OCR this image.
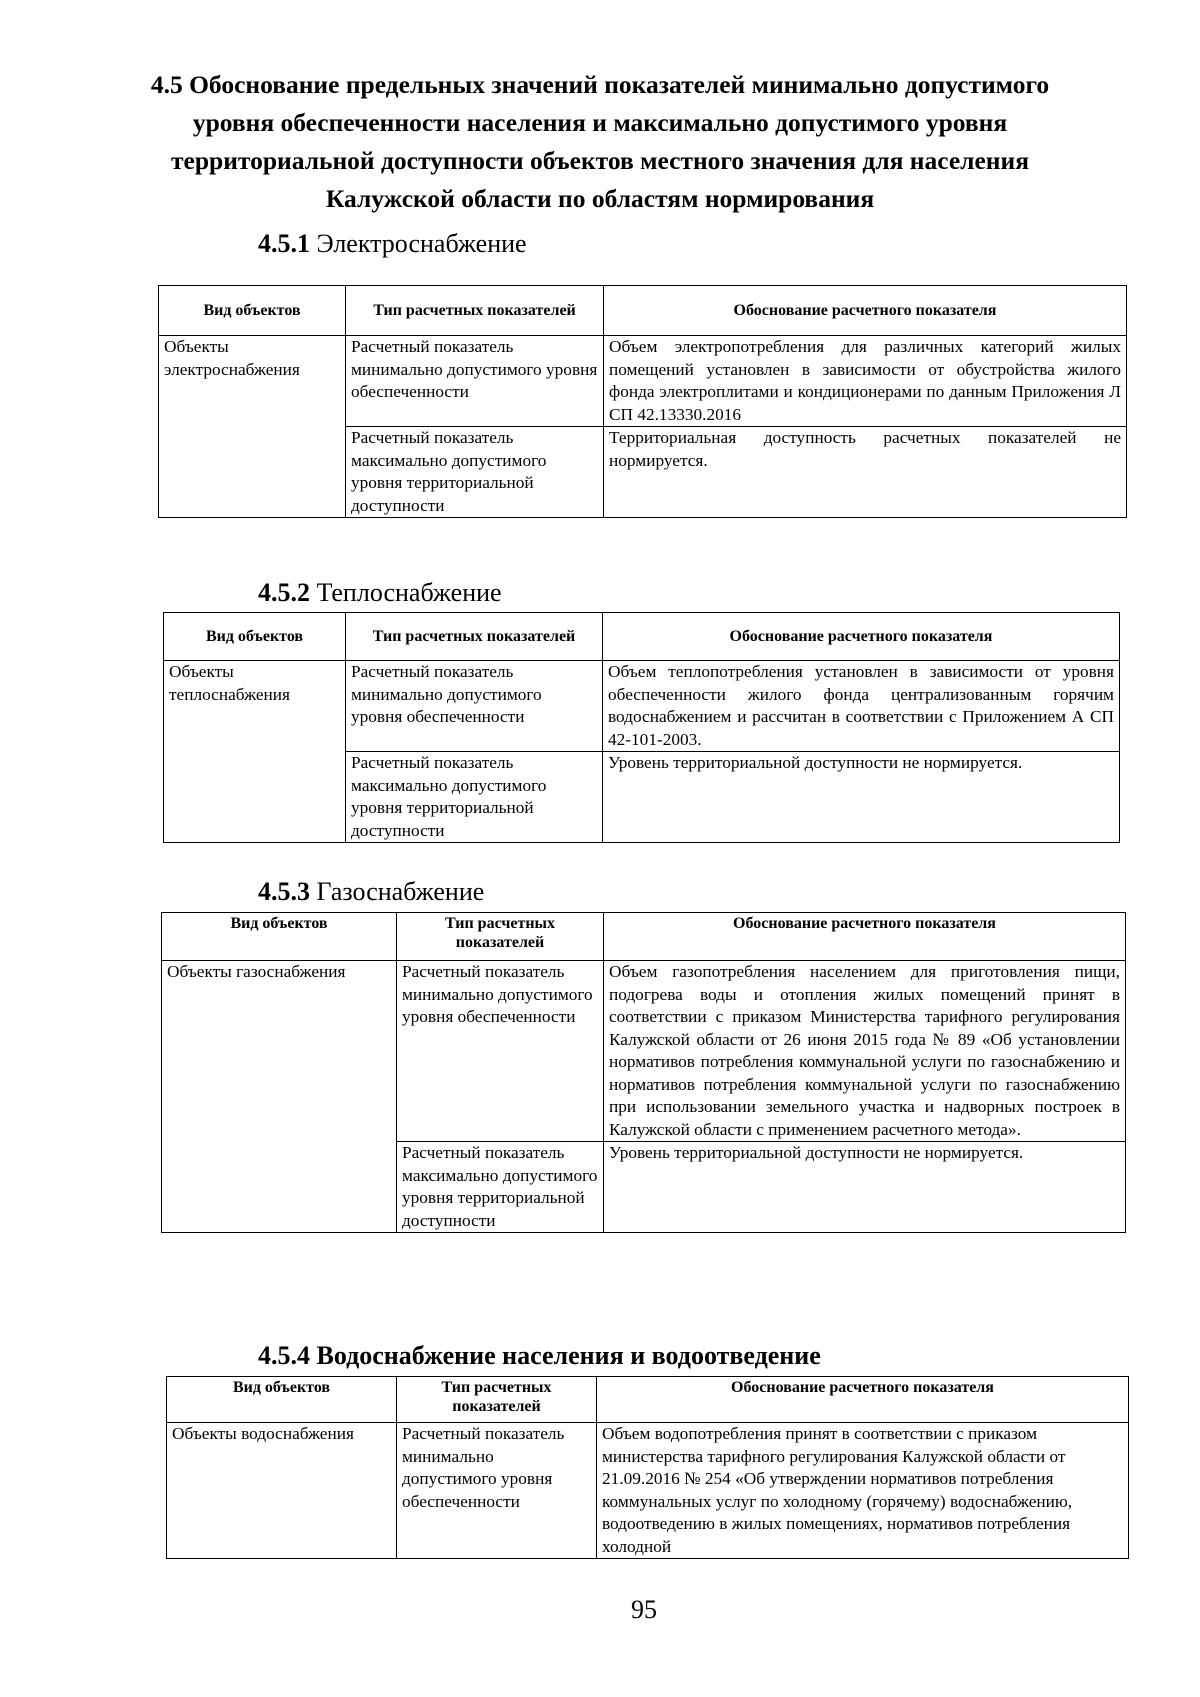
4.5 Обоснование предельных значений показателей минимально допустимого уровня обеспеченности населения и максимально допустимого уровня территориальной доступности объектов местного значения для населения Калужской области по областям нормирования
4.5.1 Электроснабжение
Вид объектов	Тип расчетных показателей	Обоснование расчетного показателя
Объекты электроснабжения	Расчетный показатель минимально допустимого уровня обеспеченности	Объем электропотребления для различных категорий жилых помещений установлен в зависимости от обустройства жилого фонда электроплитами и кондиционерами по данным Приложения Л СП 42.13330.2016
	Расчетный показатель максимально допустимого уровня территориальной доступности	Территориальная доступность расчетных показателей не нормируется.
4.5.2 Теплоснабжение
Вид объектов	Тип расчетных показателей	Обоснование расчетного показателя
Объекты теплоснабжения	Расчетный показатель минимально допустимого уровня обеспеченности	Объем теплопотребления установлен в зависимости от уровня обеспеченности жилого фонда централизованным горячим водоснабжением и рассчитан в соответствии с Приложением А СП 42-101-2003.
	Расчетный показатель максимально допустимого уровня территориальной доступности	Уровень территориальной доступности не нормируется.
4.5.3 Газоснабжение
Вид объектов	Тип расчетных показателей	Обоснование расчетного показателя
Объекты газоснабжения	Расчетный показатель минимально допустимого уровня обеспеченности	Объем газопотребления населением для приготовления пищи, подогрева воды и отопления жилых помещений принят в соответствии с приказом Министерства тарифного регулирования Калужской области от 26 июня 2015 года № 89 «Об установлении нормативов потребления коммунальной услуги по газоснабжению и нормативов потребления коммунальной услуги по газоснабжению при использовании земельного участка и надворных построек в Калужской области с применением расчетного метода».
	Расчетный показатель максимально допустимого уровня территориальной доступности	Уровень территориальной доступности не нормируется.
4.5.4 Водоснабжение населения и водоотведение
Вид объектов	Тип расчетных показателей	Обоснование расчетного показателя
Объекты водоснабжения	Расчетный показатель минимально допустимого уровня обеспеченности	Объем водопотребления принят в соответствии с приказом министерства тарифного регулирования Калужской области от 21.09.2016 № 254 «Об утверждении нормативов потребления коммунальных услуг по холодному (горячему) водоснабжению, водоотведению в жилых помещениях, нормативов потребления холодной

95
